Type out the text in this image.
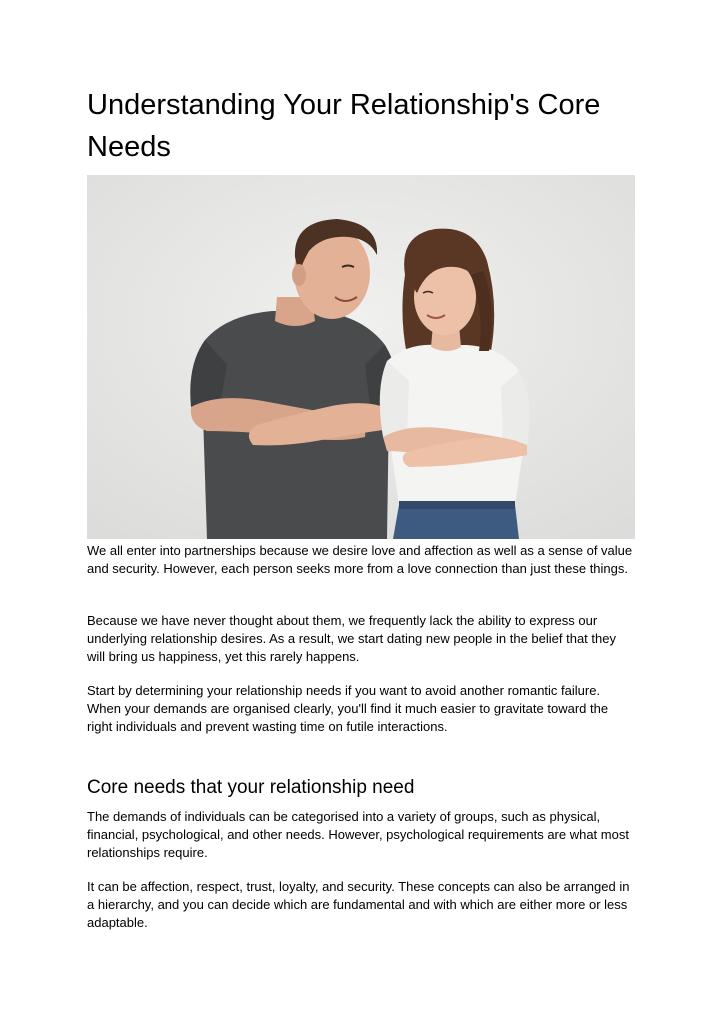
Understanding Your Relationship's Core Needs

We all enter into partnerships because we desire love and affection as well as a sense of value and security. However, each person seeks more from a love connection than just these things.

Because we have never thought about them, we frequently lack the ability to express our underlying relationship desires. As a result, we start dating new people in the belief that they will bring us happiness, yet this rarely happens.

Start by determining your relationship needs if you want to avoid another romantic failure. When your demands are organised clearly, you'll find it much easier to gravitate toward the right individuals and prevent wasting time on futile interactions.

Core needs that your relationship need

The demands of individuals can be categorised into a variety of groups, such as physical, financial, psychological, and other needs. However, psychological requirements are what most relationships require.

It can be affection, respect, trust, loyalty, and security. These concepts can also be arranged in a hierarchy, and you can decide which are fundamental and with which are either more or less adaptable.
